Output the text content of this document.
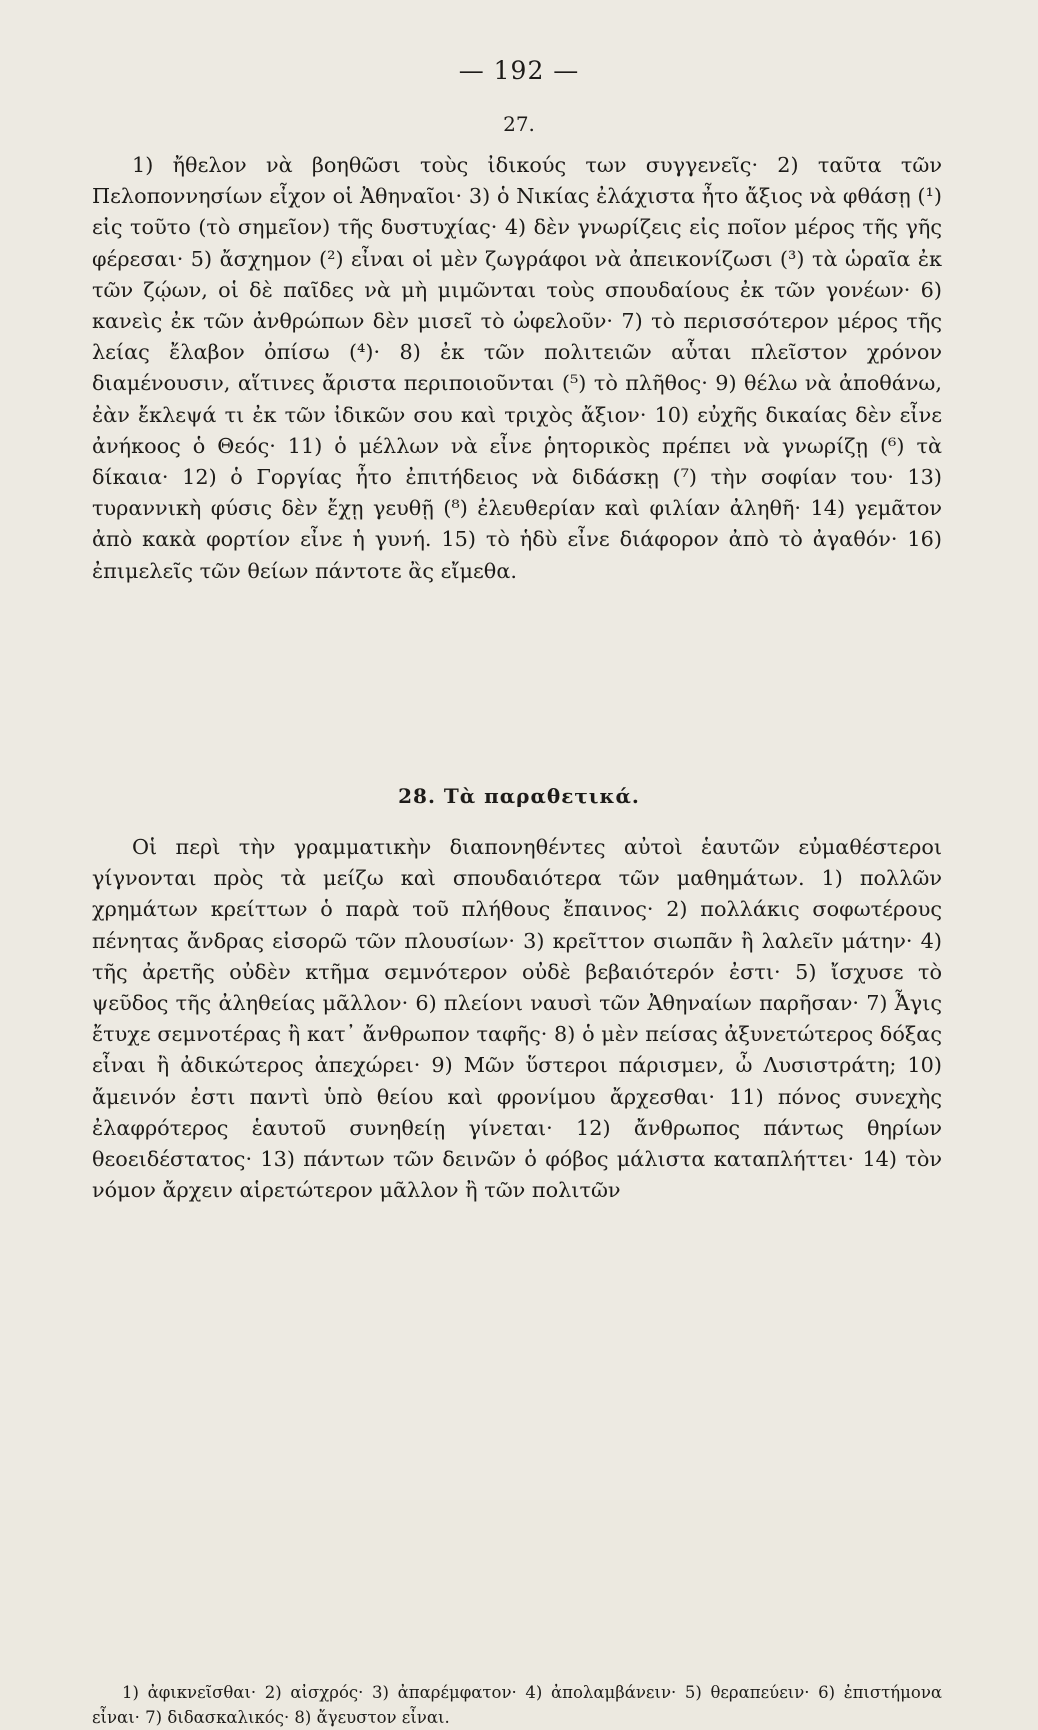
— 192 —
27.

1) ἤθελον νὰ βοηθῶσι τοὺς ἰδικούς των συγγενεῖς· 2) ταῦτα τῶν Πελοποννησίων εἶχον οἱ Ἀθηναῖοι· 3) ὁ Νικίας ἐλάχιστα ἦτο ἄξιος νὰ φθάσῃ (¹) εἰς τοῦτο (τὸ σημεῖον) τῆς δυστυχίας· 4) δὲν γνωρίζεις εἰς ποῖον μέρος τῆς γῆς φέρεσαι· 5) ἄσχημον (²) εἶναι οἱ μὲν ζωγράφοι νὰ ἀπεικονίζωσι (³) τὰ ὡραῖα ἐκ τῶν ζῴων, οἱ δὲ παῖδες νὰ μὴ μιμῶνται τοὺς σπουδαίους ἐκ τῶν γονέων· 6) κανεὶς ἐκ τῶν ἀνθρώπων δὲν μισεῖ τὸ ὠφελοῦν· 7) τὸ περισσότερον μέρος τῆς λείας ἔλαβον ὀπίσω (⁴)· 8) ἐκ τῶν πολιτειῶν αὗται πλεῖστον χρόνον διαμένουσιν, αἵτινες ἄριστα περιποιοῦνται (⁵) τὸ πλῆθος· 9) θέλω νὰ ἀποθάνω, ἐὰν ἔκλεψά τι ἐκ τῶν ἰδικῶν σου καὶ τριχὸς ἄξιον· 10) εὐχῆς δικαίας δὲν εἶνε ἀνήκοος ὁ Θεός· 11) ὁ μέλλων νὰ εἶνε ῥητορικὸς πρέπει νὰ γνωρίζῃ (⁶) τὰ δίκαια· 12) ὁ Γοργίας ἦτο ἐπιτήδειος νὰ διδάσκῃ (⁷) τὴν σοφίαν του· 13) τυραννικὴ φύσις δὲν ἔχῃ γευθῇ (⁸) ἐλευθερίαν καὶ φιλίαν ἀληθῆ· 14) γεμᾶτον ἀπὸ κακὰ φορτίον εἶνε ἡ γυνή. 15) τὸ ἡδὺ εἶνε διάφορον ἀπὸ τὸ ἀγαθόν· 16) ἐπιμελεῖς τῶν θείων πάντοτε ἂς εἴμεθα.

28. Τὰ παραθετικά.

Οἱ περὶ τὴν γραμματικὴν διαπονηθέντες αὐτοὶ ἑαυτῶν εὐμαθέστεροι γίγνονται πρὸς τὰ μείζω καὶ σπουδαιότερα τῶν μαθημάτων. 1) πολλῶν χρημάτων κρείττων ὁ παρὰ τοῦ πλήθους ἔπαινος· 2) πολλάκις σοφωτέρους πένητας ἄνδρας εἰσορῶ τῶν πλουσίων· 3) κρεῖττον σιωπᾶν ἢ λαλεῖν μάτην· 4) τῆς ἀρετῆς οὐδὲν κτῆμα σεμνότερον οὐδὲ βεβαιότερόν ἐστι· 5) ἴσχυσε τὸ ψεῦδος τῆς ἀληθείας μᾶλλον· 6) πλείονι ναυσὶ τῶν Ἀθηναίων παρῆσαν· 7) Ἆγις ἔτυχε σεμνοτέρας ἢ κατ᾽ ἄνθρωπον ταφῆς· 8) ὁ μὲν πείσας ἀξυνετώτερος δόξας εἶναι ἢ ἀδικώτερος ἀπεχώρει· 9) Μῶν ὕστεροι πάρισμεν, ὦ Λυσιστράτη; 10) ἄμεινόν ἐστι παντὶ ὑπὸ θείου καὶ φρονίμου ἄρχεσθαι· 11) πόνος συνεχὴς ἐλαφρότερος ἑαυτοῦ συνηθείῃ γίνεται· 12) ἄνθρωπος πάντως θηρίων θεοειδέστατος· 13) πάντων τῶν δεινῶν ὁ φόβος μάλιστα καταπλήττει· 14) τὸν νόμον ἄρχειν αἱρετώτερον μᾶλλον ἢ τῶν πολιτῶν

1) ἀφικνεῖσθαι· 2) αἰσχρός· 3) ἀπαρέμφατον· 4) ἀπολαμβάνειν· 5) θεραπεύειν· 6) ἐπιστήμονα εἶναι· 7) διδασκαλικός· 8) ἄγευστον εἶναι.
